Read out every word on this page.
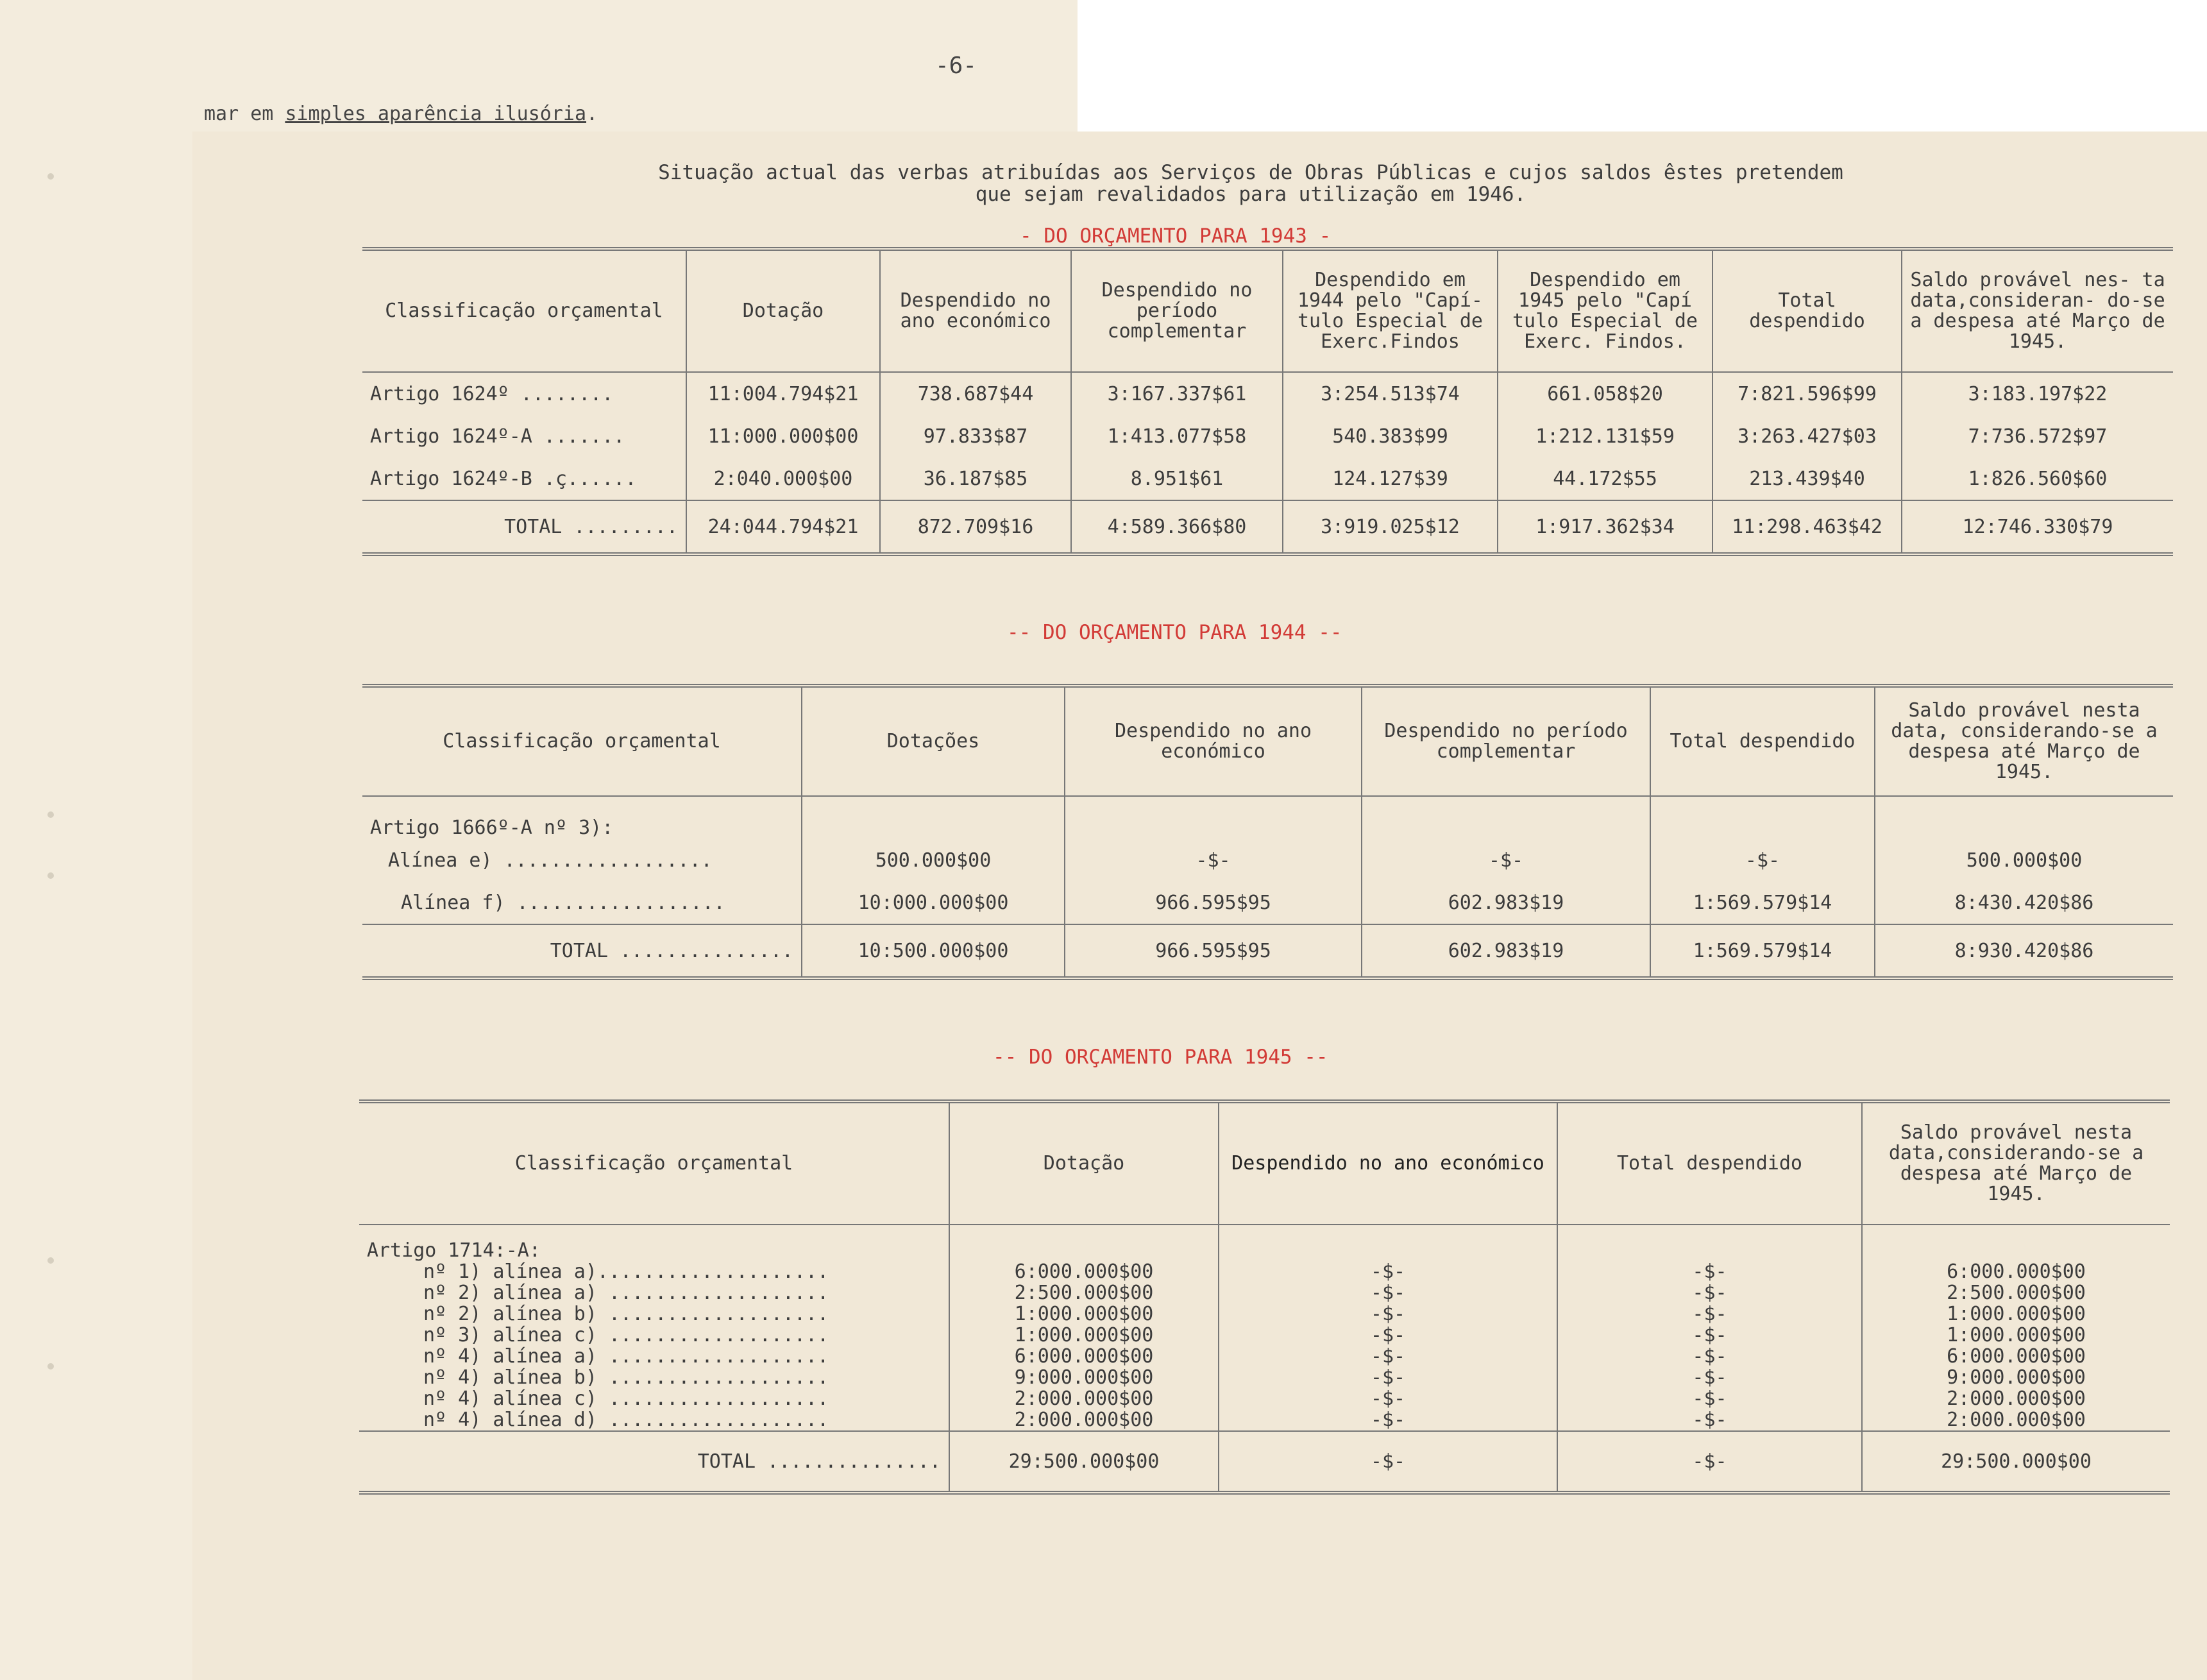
-6-
mar em simples aparência ilusória.
Situação actual das verbas atribuídas aos Serviços de Obras Públicas e cujos saldos êstes pretendem
que sejam revalidados para utilização em 1946.
- DO ORÇAMENTO PARA 1943 -
Classificação orçamental	Dotação	Despendido no ano económico	Despendido no período complementar	Despendido em 1944 pelo "Capí- tulo Especial de Exerc.Findos	Despendido em 1945 pelo "Capí tulo Especial de Exerc. Findos.	Total despendido	Saldo provável nes- ta data,consideran- do-se a despesa até Março de 1945.
Artigo 1624º ........	11:004.794$21	738.687$44	3:167.337$61	3:254.513$74	661.058$20	7:821.596$99	3:183.197$22
Artigo 1624º-A .......	11:000.000$00	97.833$87	1:413.077$58	540.383$99	1:212.131$59	3:263.427$03	7:736.572$97
Artigo 1624º-B .ç......	2:040.000$00	36.187$85	8.951$61	124.127$39	44.172$55	213.439$40	1:826.560$60
TOTAL .........	24:044.794$21	872.709$16	4:589.366$80	3:919.025$12	1:917.362$34	11:298.463$42	12:746.330$79
-- DO ORÇAMENTO PARA 1944 --
Classificação orçamental	Dotações	Despendido no ano económico	Despendido no período complementar	Total despendido	Saldo provável nesta data, considerando-se a despesa até Março de 1945.
Artigo 1666º-A nº 3):					
Alínea e) ..................	500.000$00	-$-	-$-	-$-	500.000$00
Alínea f) ..................	10:000.000$00	966.595$95	602.983$19	1:569.579$14	8:430.420$86
TOTAL ...............	10:500.000$00	966.595$95	602.983$19	1:569.579$14	8:930.420$86
-- DO ORÇAMENTO PARA 1945 --
Classificação orçamental	Dotação	Despendido no ano económico	Total despendido	Saldo provável nesta data,considerando-se a despesa até Março de 1945.
Artigo 1714:-A:				
nº 1) alínea a)....................	6:000.000$00	-$-	-$-	6:000.000$00
nº 2) alínea a) ...................	2:500.000$00	-$-	-$-	2:500.000$00
nº 2) alínea b) ...................	1:000.000$00	-$-	-$-	1:000.000$00
nº 3) alínea c) ...................	1:000.000$00	-$-	-$-	1:000.000$00
nº 4) alínea a) ...................	6:000.000$00	-$-	-$-	6:000.000$00
nº 4) alínea b) ...................	9:000.000$00	-$-	-$-	9:000.000$00
nº 4) alínea c) ...................	2:000.000$00	-$-	-$-	2:000.000$00
nº 4) alínea d) ...................	2:000.000$00	-$-	-$-	2:000.000$00
TOTAL ...............	29:500.000$00	-$-	-$-	29:500.000$00
